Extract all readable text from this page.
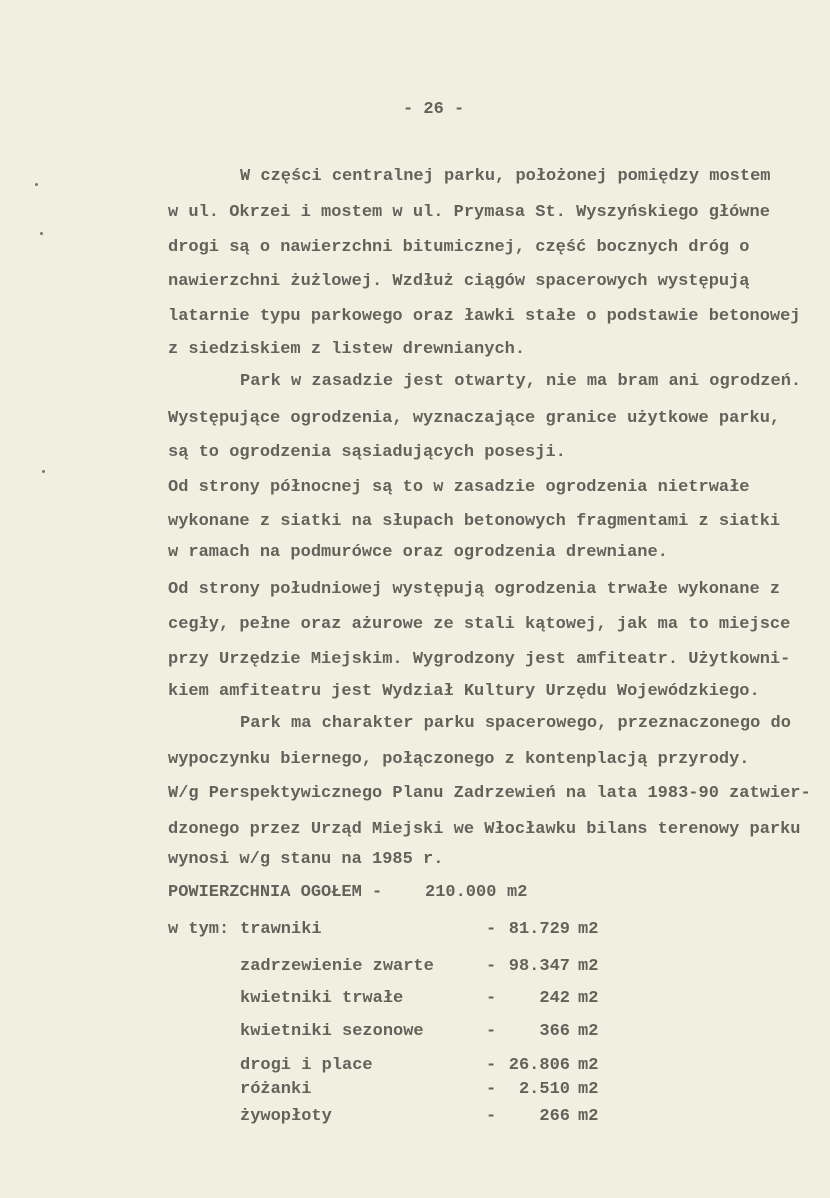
- 26 -
W części centralnej parku, położonej pomiędzy mostem
w ul. Okrzei i mostem w ul. Prymasa St. Wyszyńskiego główne
drogi są o nawierzchni bitumicznej, część bocznych dróg o
nawierzchni żużlowej. Wzdłuż ciągów spacerowych występują
latarnie typu parkowego oraz ławki stałe o podstawie betonowej
z siedziskiem z listew drewnianych.
Park w zasadzie jest otwarty, nie ma bram ani ogrodzeń.
Występujące ogrodzenia, wyznaczające granice użytkowe parku,
są to ogrodzenia sąsiadujących posesji.
Od strony północnej są to w zasadzie ogrodzenia nietrwałe
wykonane z siatki na słupach betonowych fragmentami z siatki
w ramach na podmurówce oraz ogrodzenia drewniane.
Od strony południowej występują ogrodzenia trwałe wykonane z
cegły, pełne oraz ażurowe ze stali kątowej, jak ma to miejsce
przy Urzędzie Miejskim. Wygrodzony jest amfiteatr. Użytkowni-
kiem amfiteatru jest Wydział Kultury Urzędu Wojewódzkiego.
Park ma charakter parku spacerowego, przeznaczonego do
wypoczynku biernego, połączonego z kontenplacją przyrody.
W/g Perspektywicznego Planu Zadrzewień na lata 1983-90 zatwier-
dzonego przez Urząd Miejski we Włocławku bilans terenowy parku
wynosi w/g stanu na 1985 r.
POWIERZCHNIA OGOŁEM -	210.000 m2
w tym: trawniki	- 81.729 m2
zadrzewienie zwarte	- 98.347 m2
kwietniki trwałe	-	242 m2
kwietniki sezonowe	-	366 m2
drogi i place	- 26.806 m2
różanki	-	2.510 m2
żywopłoty	-	266 m2
